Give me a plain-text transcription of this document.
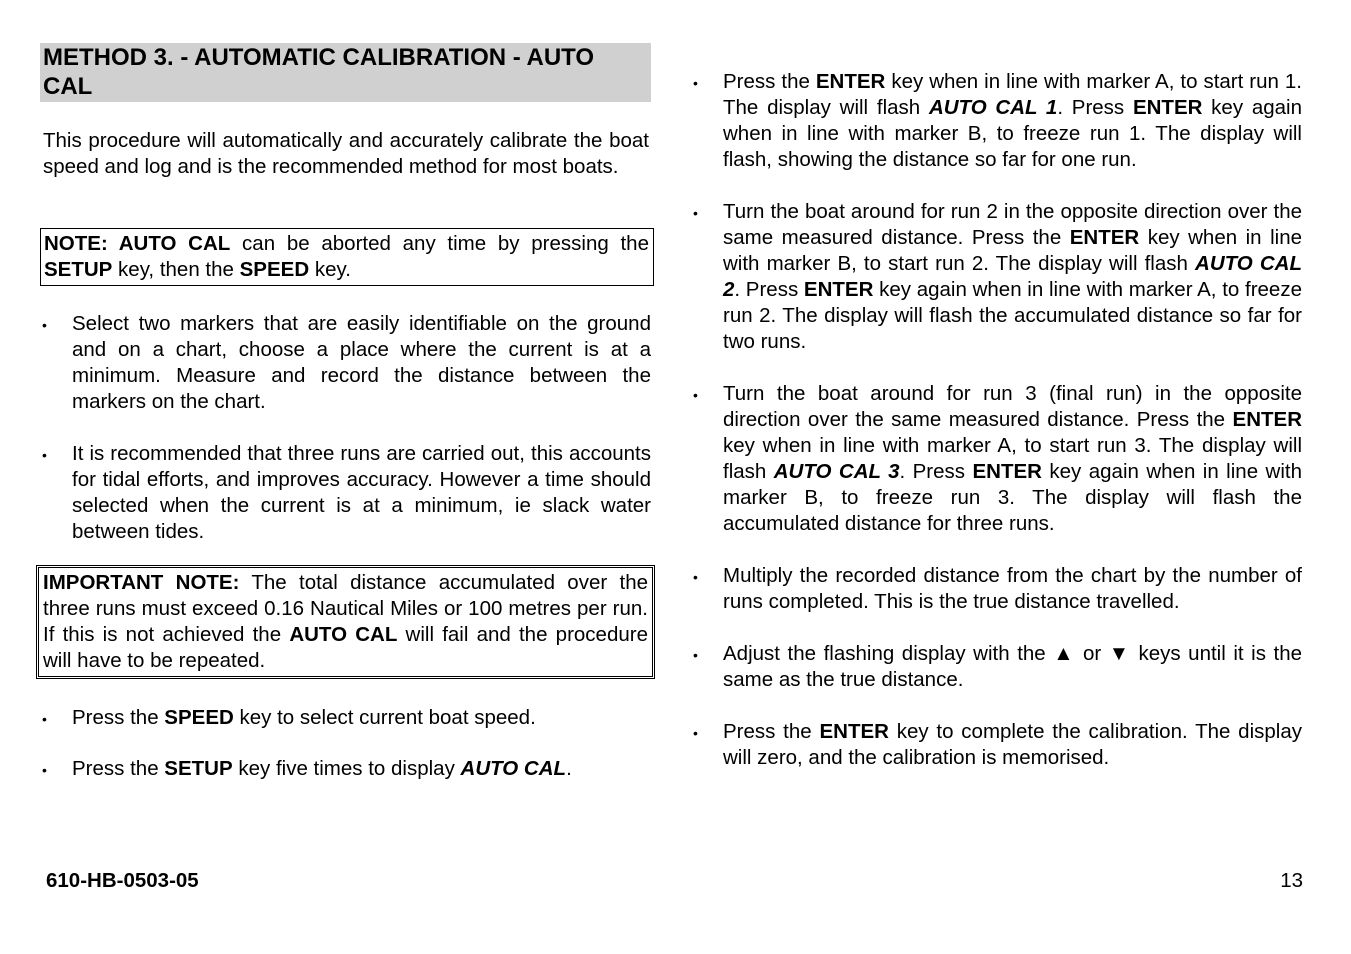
METHOD 3. - AUTOMATIC CALIBRATION - AUTO
CAL

This procedure will automatically and accurately calibrate the boat speed and log and is the recommended method for most boats.

NOTE: AUTO CAL can be aborted any time by pressing the SETUP key, then the SPEED key.
• Select two markers that are easily identifiable on the ground and on a chart, choose a place where the current is at a minimum. Measure and record the distance between the markers on the chart.
• It is recommended that three runs are carried out, this accounts for tidal efforts, and improves accuracy. However a time should selected when the current is at a minimum, ie slack water between tides.
IMPORTANT NOTE: The total distance accumulated over the three runs must exceed 0.16 Nautical Miles or 100 metres per run. If this is not achieved the AUTO CAL will fail and the procedure will have to be repeated.
• Press the SPEED key to select current boat speed.
• Press the SETUP key five times to display AUTO CAL.
• Press the ENTER key when in line with marker A, to start run 1. The display will flash AUTO CAL 1. Press ENTER key again when in line with marker B, to freeze run 1. The display will flash, showing the distance so far for one run.
• Turn the boat around for run 2 in the opposite direction over the same measured distance. Press the ENTER key when in line with marker B, to start run 2. The display will flash AUTO CAL 2. Press ENTER key again when in line with marker A, to freeze run 2. The display will flash the accumulated distance so far for two runs.
• Turn the boat around for run 3 (final run) in the opposite direction over the same measured distance. Press the ENTER key when in line with marker A, to start run 3. The display will flash AUTO CAL 3. Press ENTER key again when in line with marker B, to freeze run 3. The display will flash the accumulated distance for three runs.
• Multiply the recorded distance from the chart by the number of runs completed. This is the true distance travelled.
• Adjust the flashing display with the ▲ or ▼ keys until it is the same as the true distance.
• Press the ENTER key to complete the calibration. The display will zero, and the calibration is memorised.
610-HB-0503-05	13
